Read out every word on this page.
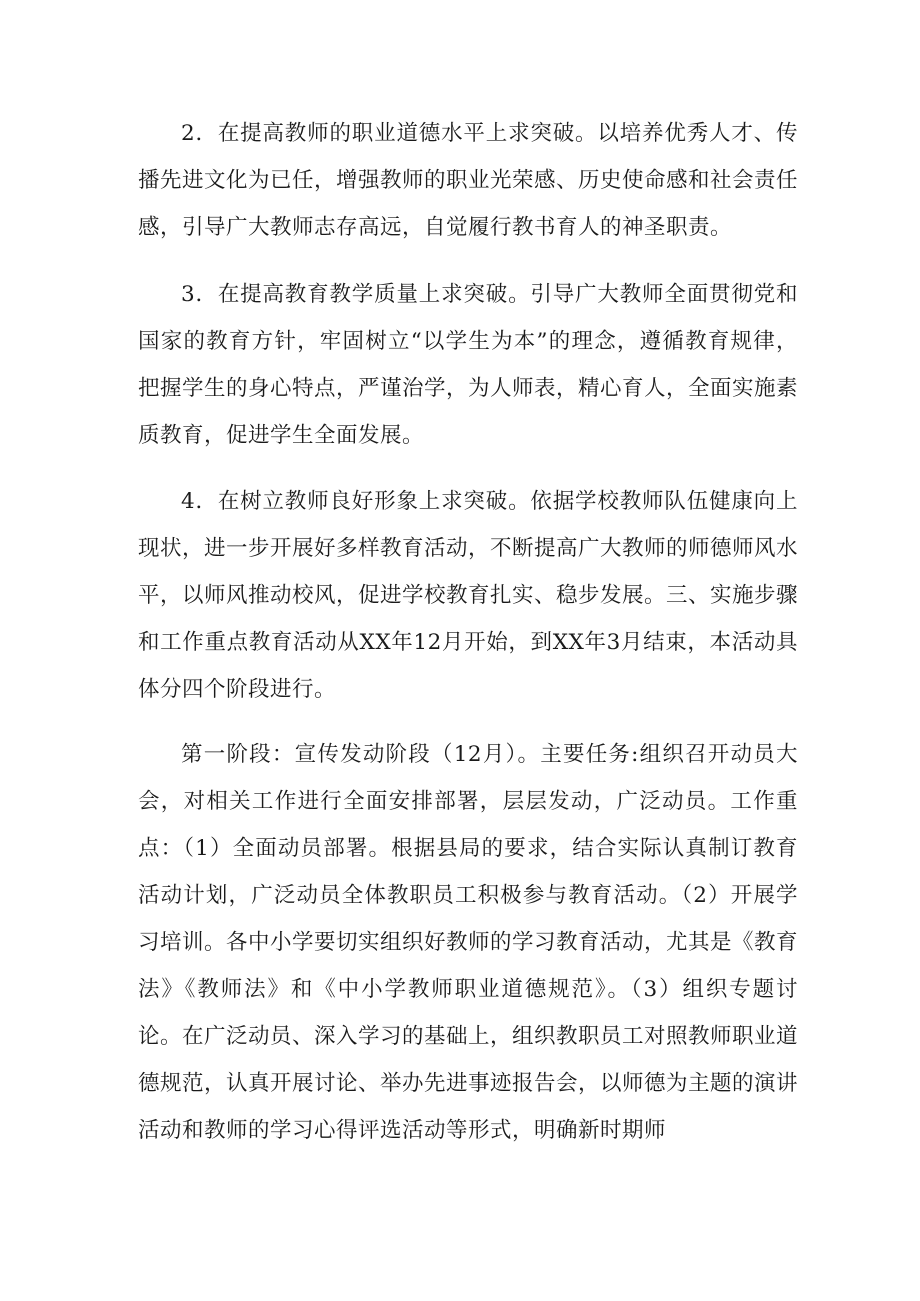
2．在提高教师的职业道德水平上求突破。以培养优秀人才、传播先进文化为已任，增强教师的职业光荣感、历史使命感和社会责任感，引导广大教师志存高远，自觉履行教书育人的神圣职责。

3．在提高教育教学质量上求突破。引导广大教师全面贯彻党和国家的教育方针，牢固树立“以学生为本”的理念，遵循教育规律，把握学生的身心特点，严谨治学，为人师表，精心育人，全面实施素质教育，促进学生全面发展。

4．在树立教师良好形象上求突破。依据学校教师队伍健康向上现状，进一步开展好多样教育活动，不断提高广大教师的师德师风水平，以师风推动校风，促进学校教育扎实、稳步发展。三、实施步骤和工作重点教育活动从XX年12月开始，到XX年3月结束，本活动具体分四个阶段进行。

第一阶段：宣传发动阶段（12月）。主要任务:组织召开动员大会，对相关工作进行全面安排部署，层层发动，广泛动员。工作重点：（1）全面动员部署。根据县局的要求，结合实际认真制订教育活动计划，广泛动员全体教职员工积极参与教育活动。（2）开展学习培训。各中小学要切实组织好教师的学习教育活动，尤其是《教育法》《教师法》和《中小学教师职业道德规范》。（3）组织专题讨论。在广泛动员、深入学习的基础上，组织教职员工对照教师职业道德规范，认真开展讨论、举办先进事迹报告会，以师德为主题的演讲活动和教师的学习心得评选活动等形式，明确新时期师
